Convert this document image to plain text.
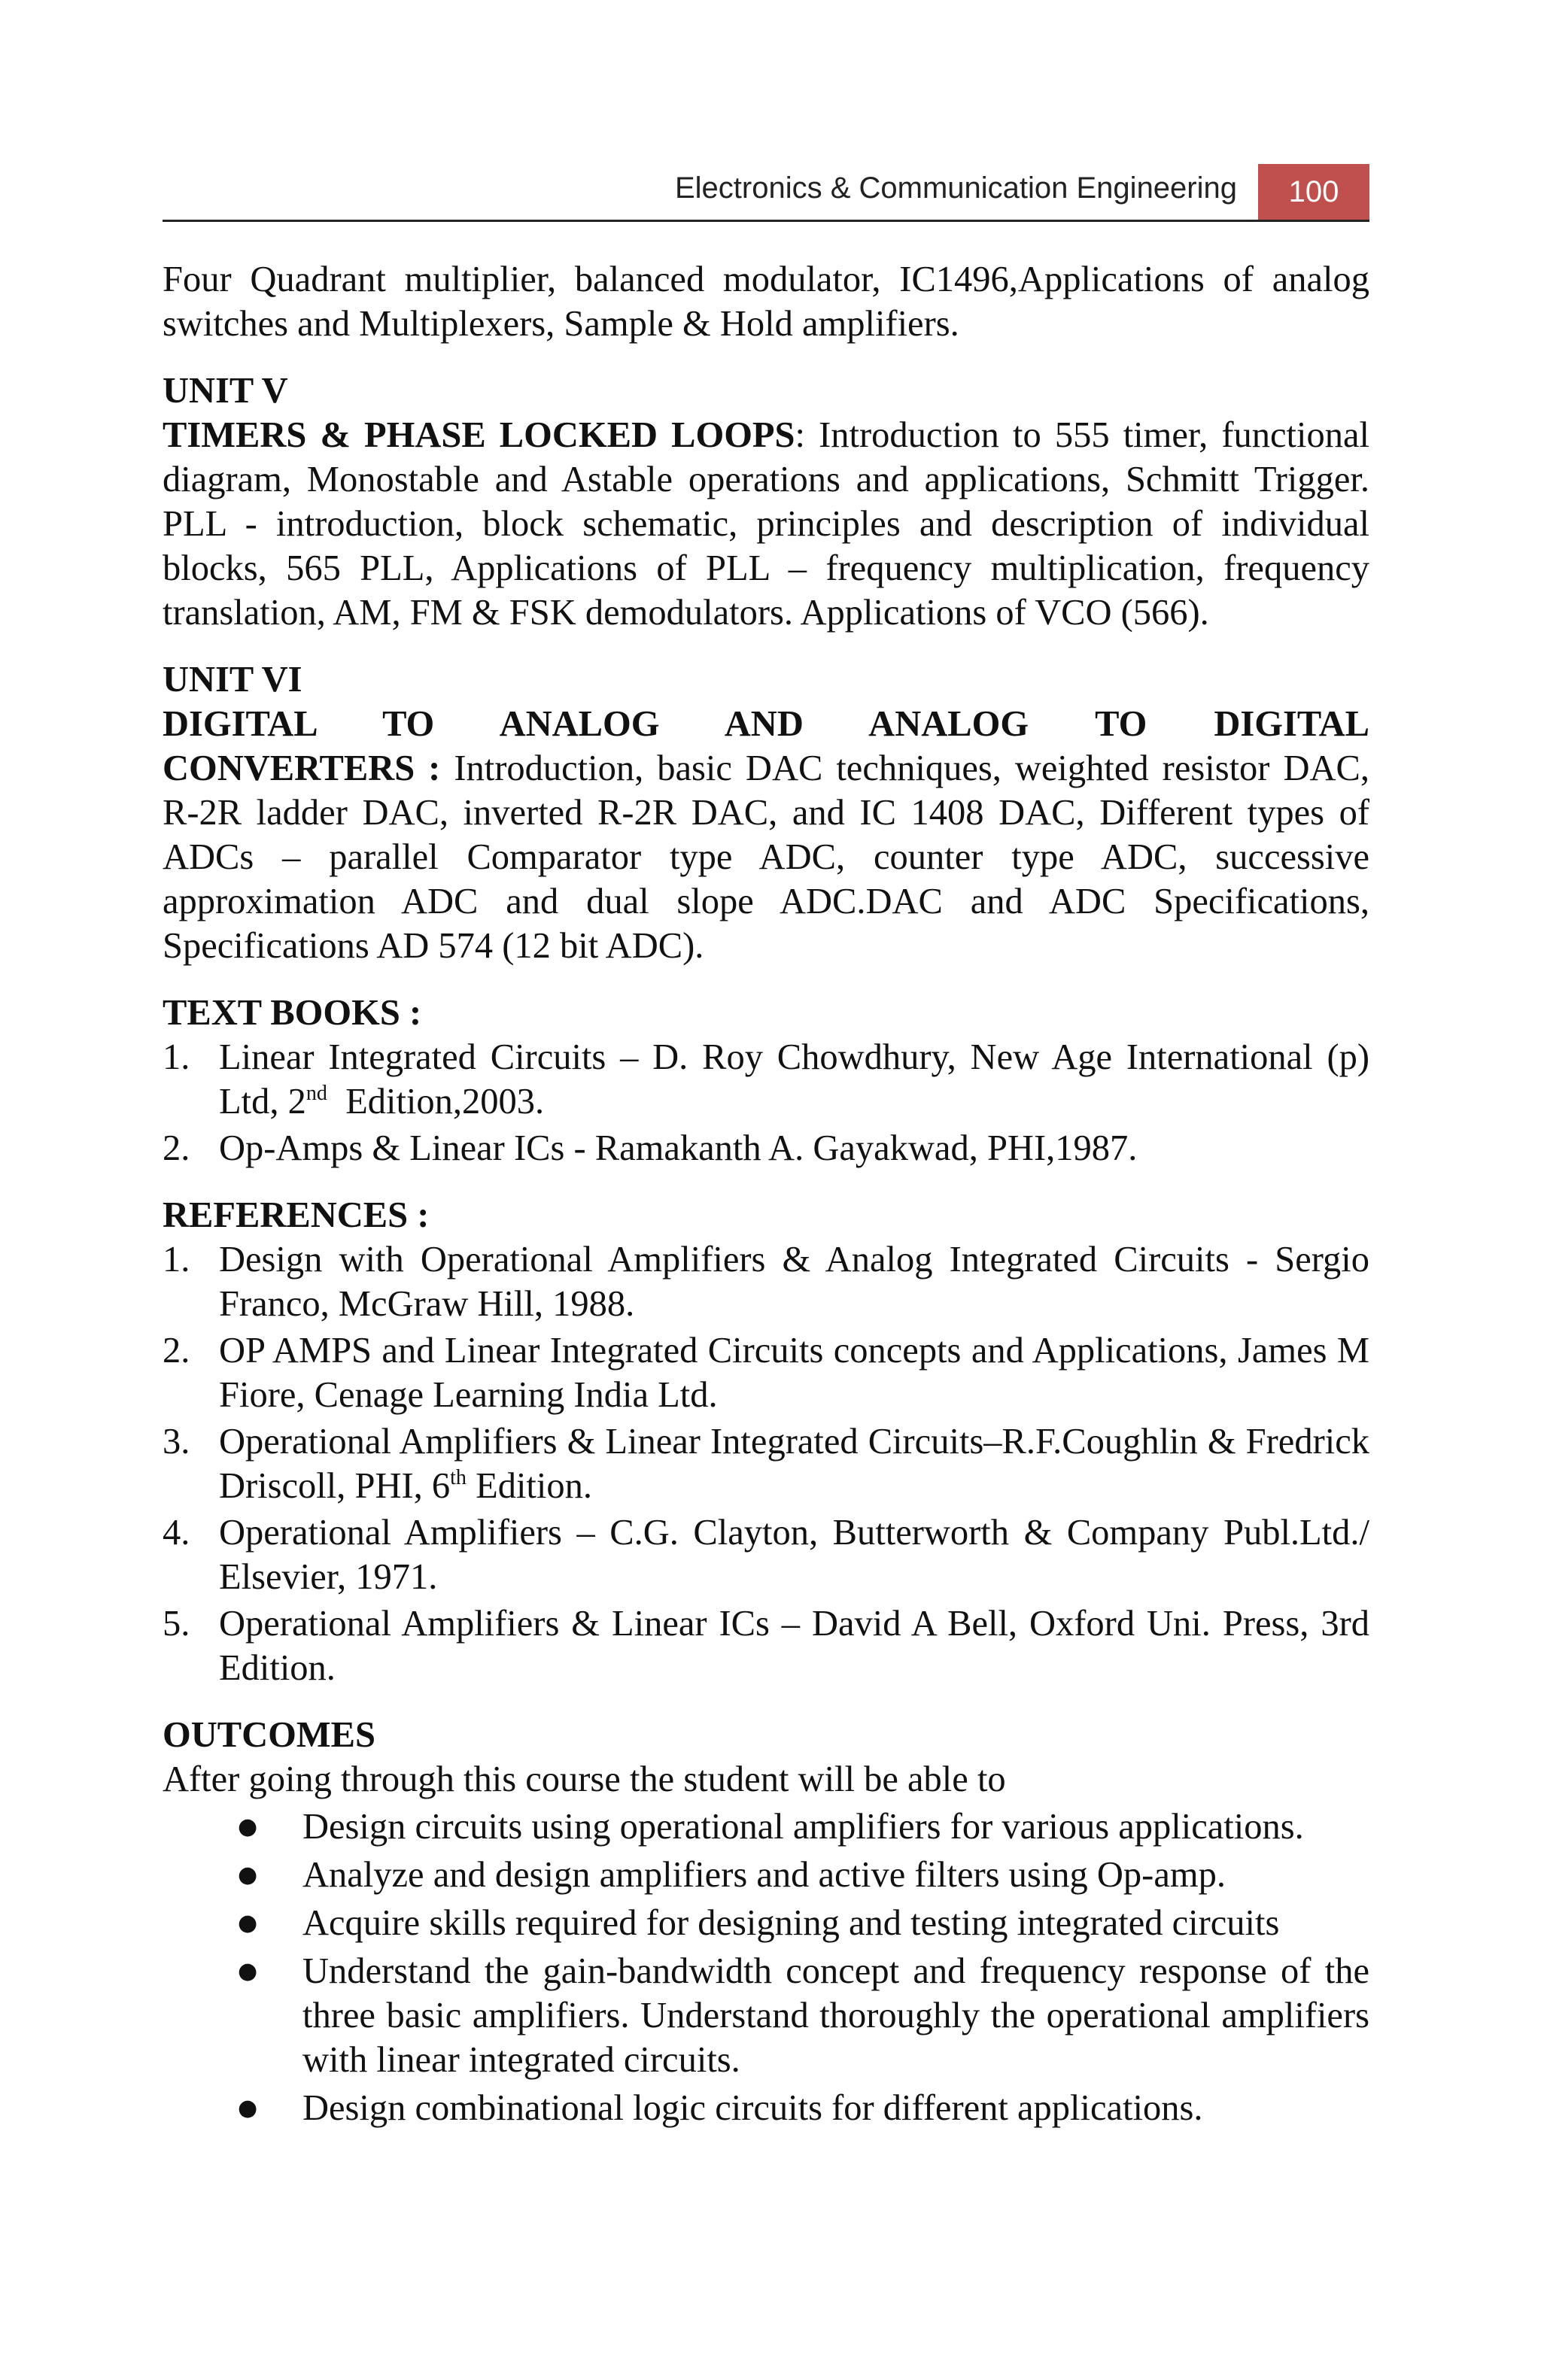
Electronics & Communication Engineering	100

Four Quadrant multiplier, balanced modulator, IC1496,Applications of analog switches and Multiplexers, Sample & Hold amplifiers.

UNIT V

TIMERS & PHASE LOCKED LOOPS: Introduction to 555 timer, functional diagram, Monostable and Astable operations and applications, Schmitt Trigger. PLL - introduction, block schematic, principles and description of individual blocks, 565 PLL, Applications of PLL – frequency multiplication, frequency translation, AM, FM & FSK demodulators. Applications of VCO (566).

UNIT VI

DIGITAL TO ANALOG AND ANALOG TO DIGITAL

CONVERTERS : Introduction, basic DAC techniques, weighted resistor DAC, R-2R ladder DAC, inverted R-2R DAC, and IC 1408 DAC, Different types of ADCs – parallel Comparator type ADC, counter type ADC, successive approximation ADC and dual slope ADC.DAC and ADC Specifications, Specifications AD 574 (12 bit ADC).

TEXT BOOKS :

1. Linear Integrated Circuits – D. Roy Chowdhury, New Age International (p) Ltd, 2nd  Edition,2003.
2. Op-Amps & Linear ICs - Ramakanth A. Gayakwad, PHI,1987.

REFERENCES :

1. Design with Operational Amplifiers & Analog Integrated Circuits - Sergio Franco, McGraw Hill, 1988.
2. OP AMPS and Linear Integrated Circuits concepts and Applications, James M Fiore, Cenage Learning India Ltd.
3. Operational Amplifiers & Linear Integrated Circuits–R.F.Coughlin & Fredrick Driscoll, PHI, 6th Edition.
4. Operational Amplifiers – C.G. Clayton, Butterworth & Company Publ.Ltd./ Elsevier, 1971.
5. Operational Amplifiers & Linear ICs – David A Bell, Oxford Uni. Press, 3rd Edition.

OUTCOMES

After going through this course the student will be able to

● Design circuits using operational amplifiers for various applications.
● Analyze and design amplifiers and active filters using Op-amp.
● Acquire skills required for designing and testing integrated circuits
● Understand the gain-bandwidth concept and frequency response of the three basic amplifiers. Understand thoroughly the operational amplifiers with linear integrated circuits.
● Design combinational logic circuits for different applications.
